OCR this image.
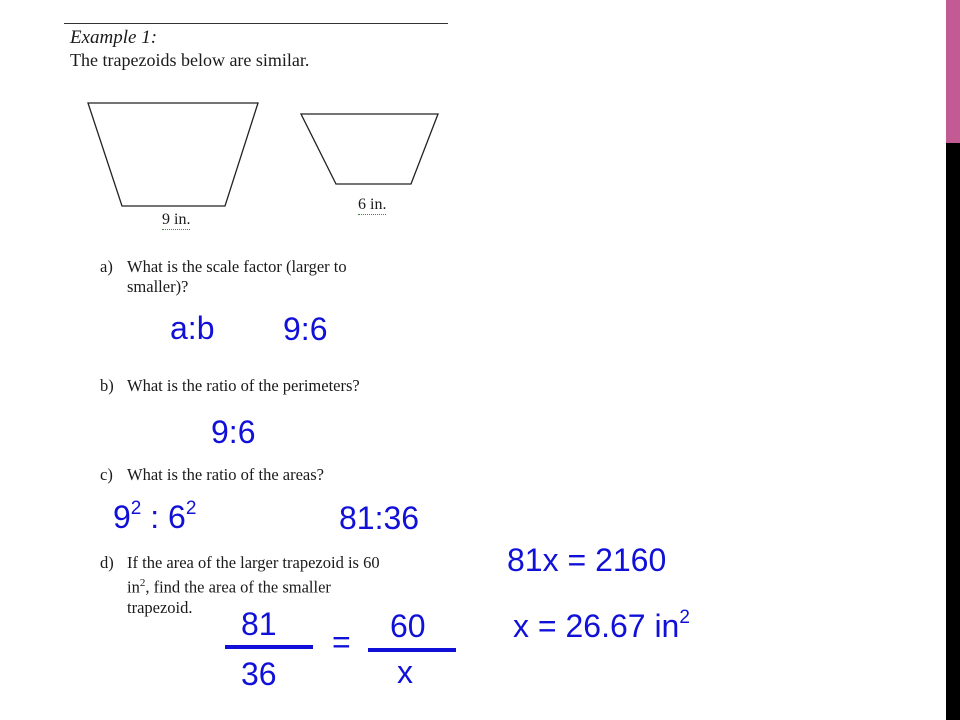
Example 1:
The trapezoids below are similar.
9 in.
6 in.
a) What is the scale factor (larger to smaller)?
a:b 9:6
b) What is the ratio of the perimeters?
9:6
c) What is the ratio of the areas?
$9^2$ : $6^2$	81:36
d) If the area of the larger trapezoid is 60
$in^2$, find the area of the smaller
trapezoid.
81x = 2160
x = 26.67 $in^2$
81
36
= 60
x
